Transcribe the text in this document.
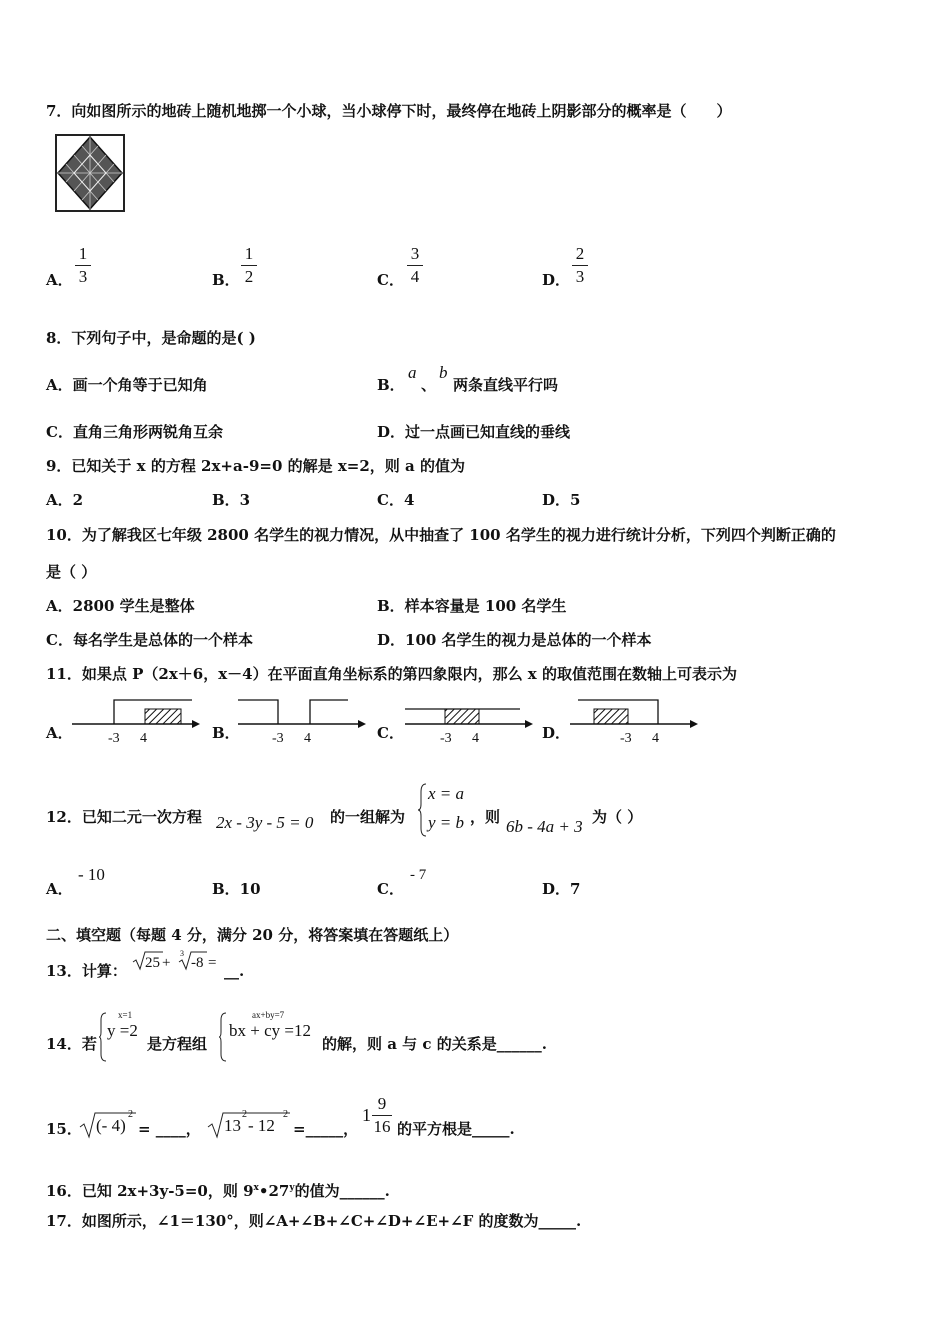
7．向如图所示的地砖上随机地掷一个小球，当小球停下时，最终停在地砖上阴影部分的概率是（　　）
A．
1
3	B．
1
2	C．
3
4	D．
2
3
8．下列句子中，是命题的是( )
A．画一个角等于已知角	B．
a
、
b
两条直线平行吗
C．直角三角形两锐角互余	D．过一点画已知直线的垂线
9．已知关于 x 的方程 2x+a-9=0 的解是 x=2，则 a 的值为
A．2	B．3	C．4	D．5
10．为了解我区七年级 2800 名学生的视力情况，从中抽查了 100 名学生的视力进行统计分析，下列四个判断正确的
是（ ）
A．2800 学生是整体	B．样本容量是 100 名学生
C．每名学生是总体的一个样本	D．100 名学生的视力是总体的一个样本
11．如果点 P（2x＋6，x－4）在平面直角坐标系的第四象限内，那么 x 的取值范围在数轴上可表示为
A．	-3 4	B． -3 4	C．	-3 4	D．	-3 4
12．已知二元一次方程 2x - 3y - 5 = 0 的一组解为
x = a
y = b ，则 6b - 4a + 3 为（ ）
A．
- 10
B．10	C．
- 7
D．7
二、填空题（每题 4 分，满分 20 分，将答案填在答题纸上）
13．计算： 25 +
3
-8 = __.
14．若
x=1
y =2
是方程组
ax+by=7
bx + cy =12
的解，则 a 与 c 的关系是______.
15． (- 4)
2
= ____， 13
2
- 12
2
=_____，
1
9
16 的平方根是_____.
16．已知 2x+3y-5=0，则 9$^x$•27$^y$的值为______.
17．如图所示，∠1＝130°，则∠A+∠B+∠C+∠D+∠E+∠F 的度数为_____.
